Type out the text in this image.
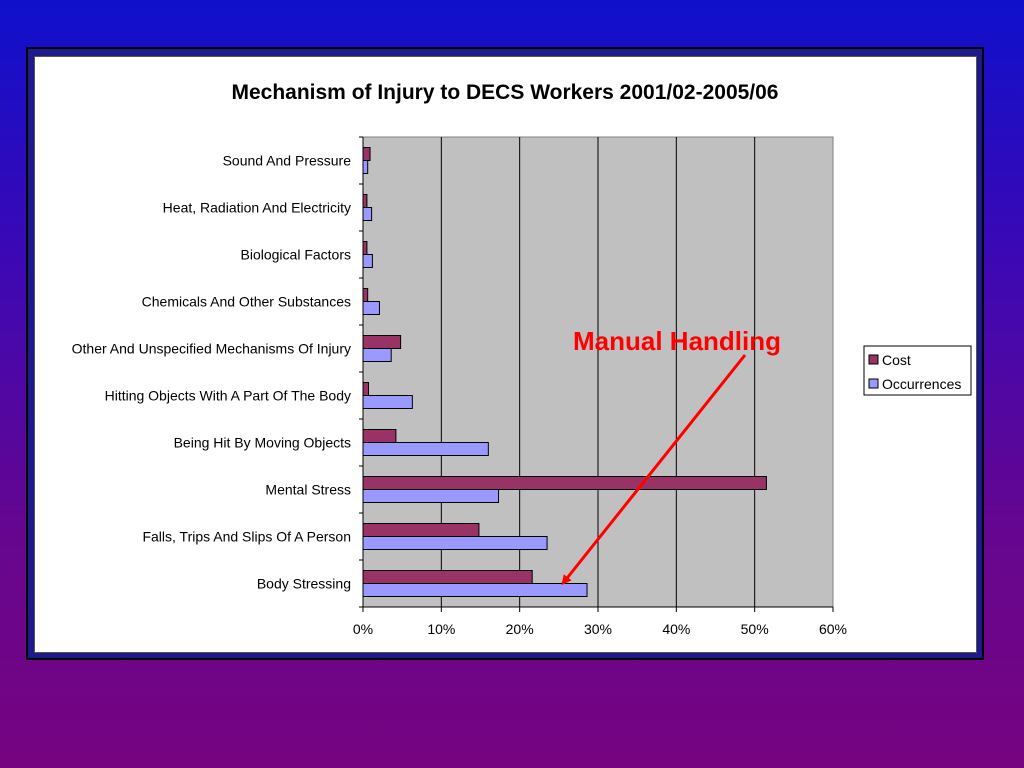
Mechanism of Injury to DECS Workers 2001/02-2005/06
Sound And Pressure
Heat, Radiation And Electricity
Biological Factors
Chemicals And Other Substances
Other And Unspecified Mechanisms Of Injury
Hitting Objects With A Part Of The Body
Being Hit By Moving Objects
Mental Stress
Falls, Trips And Slips Of A Person
Body Stressing
0%	10%	20%	30%	40%	50%	60%
Manual Handling
Cost
Occurrences
